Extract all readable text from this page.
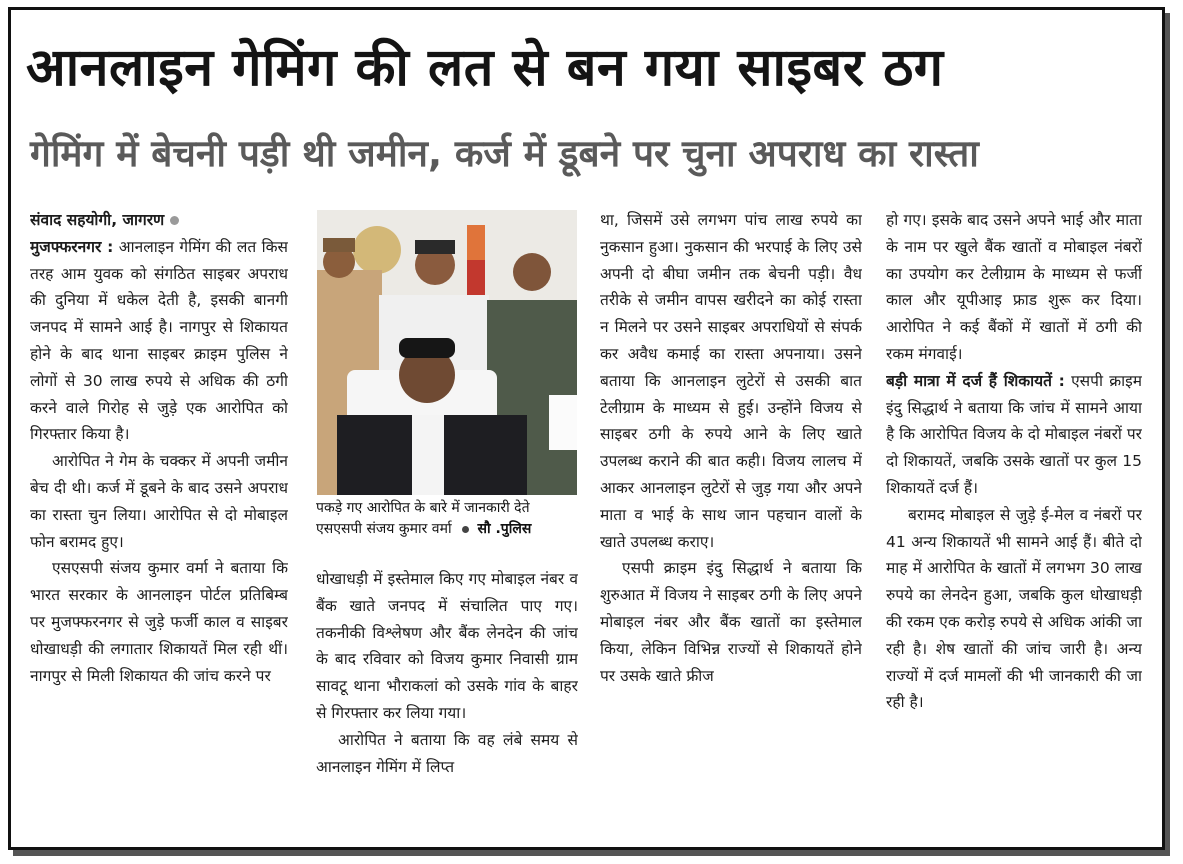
आनलाइन गेमिंग की लत से बन गया साइबर ठग
गेमिंग में बेचनी पड़ी थी जमीन, कर्ज में डूबने पर चुना अपराध का रास्ता

संवाद सहयोगी, जागरण
मुजफ्फरनगर : आनलाइन गेमिंग की लत किस तरह आम युवक को संगठित साइबर अपराध की दुनिया में धकेल देती है, इसकी बानगी जनपद में सामने आई है। नागपुर से शिकायत होने के बाद थाना साइबर क्राइम पुलिस ने लोगों से 30 लाख रुपये से अधिक की ठगी करने वाले गिरोह से जुड़े एक आरोपित को गिरफ्तार किया है।

आरोपित ने गेम के चक्कर में अपनी जमीन बेच दी थी। कर्ज में डूबने के बाद उसने अपराध का रास्ता चुन लिया। आरोपित से दो मोबाइल फोन बरामद हुए।

एसएसपी संजय कुमार वर्मा ने बताया कि भारत सरकार के आनलाइन पोर्टल प्रतिबिम्ब पर मुजफ्फरनगर से जुड़े फर्जी काल व साइबर धोखाधड़ी की लगातार शिकायतें मिल रही थीं। नागपुर से मिली शिकायत की जांच करने पर

पकड़े गए आरोपित के बारे में जानकारी देते एसएसपी संजय कुमार वर्मा सौ .पुलिस

धोखाधड़ी में इस्तेमाल किए गए मोबाइल नंबर व बैंक खाते जनपद में संचालित पाए गए। तकनीकी विश्लेषण और बैंक लेनदेन की जांच के बाद रविवार को विजय कुमार निवासी ग्राम सावटू थाना भौराकलां को उसके गांव के बाहर से गिरफ्तार कर लिया गया।

आरोपित ने बताया कि वह लंबे समय से आनलाइन गेमिंग में लिप्त

था, जिसमें उसे लगभग पांच लाख रुपये का नुकसान हुआ। नुकसान की भरपाई के लिए उसे अपनी दो बीघा जमीन तक बेचनी पड़ी। वैध तरीके से जमीन वापस खरीदने का कोई रास्ता न मिलने पर उसने साइबर अपराधियों से संपर्क कर अवैध कमाई का रास्ता अपनाया। उसने बताया कि आनलाइन लुटेरों से उसकी बात टेलीग्राम के माध्यम से हुई। उन्होंने विजय से साइबर ठगी के रुपये आने के लिए खाते उपलब्ध कराने की बात कही। विजय लालच में आकर आनलाइन लुटेरों से जुड़ गया और अपने माता व भाई के साथ जान पहचान वालों के खाते उपलब्ध कराए।

एसपी क्राइम इंदु सिद्धार्थ ने बताया कि शुरुआत में विजय ने साइबर ठगी के लिए अपने मोबाइल नंबर और बैंक खातों का इस्तेमाल किया, लेकिन विभिन्न राज्यों से शिकायतें होने पर उसके खाते फ्रीज

हो गए। इसके बाद उसने अपने भाई और माता के नाम पर खुले बैंक खातों व मोबाइल नंबरों का उपयोग कर टेलीग्राम के माध्यम से फर्जी काल और यूपीआइ फ्राड शुरू कर दिया। आरोपित ने कई बैंकों में खातों में ठगी की रकम मंगवाई।

बड़ी मात्रा में दर्ज हैं शिकायतें : एसपी क्राइम इंदु सिद्धार्थ ने बताया कि जांच में सामने आया है कि आरोपित विजय के दो मोबाइल नंबरों पर दो शिकायतें, जबकि उसके खातों पर कुल 15 शिकायतें दर्ज हैं।

बरामद मोबाइल से जुड़े ई-मेल व नंबरों पर 41 अन्य शिकायतें भी सामने आई हैं। बीते दो माह में आरोपित के खातों में लगभग 30 लाख रुपये का लेनदेन हुआ, जबकि कुल धोखाधड़ी की रकम एक करोड़ रुपये से अधिक आंकी जा रही है। शेष खातों की जांच जारी है। अन्य राज्यों में दर्ज मामलों की भी जानकारी की जा रही है।
